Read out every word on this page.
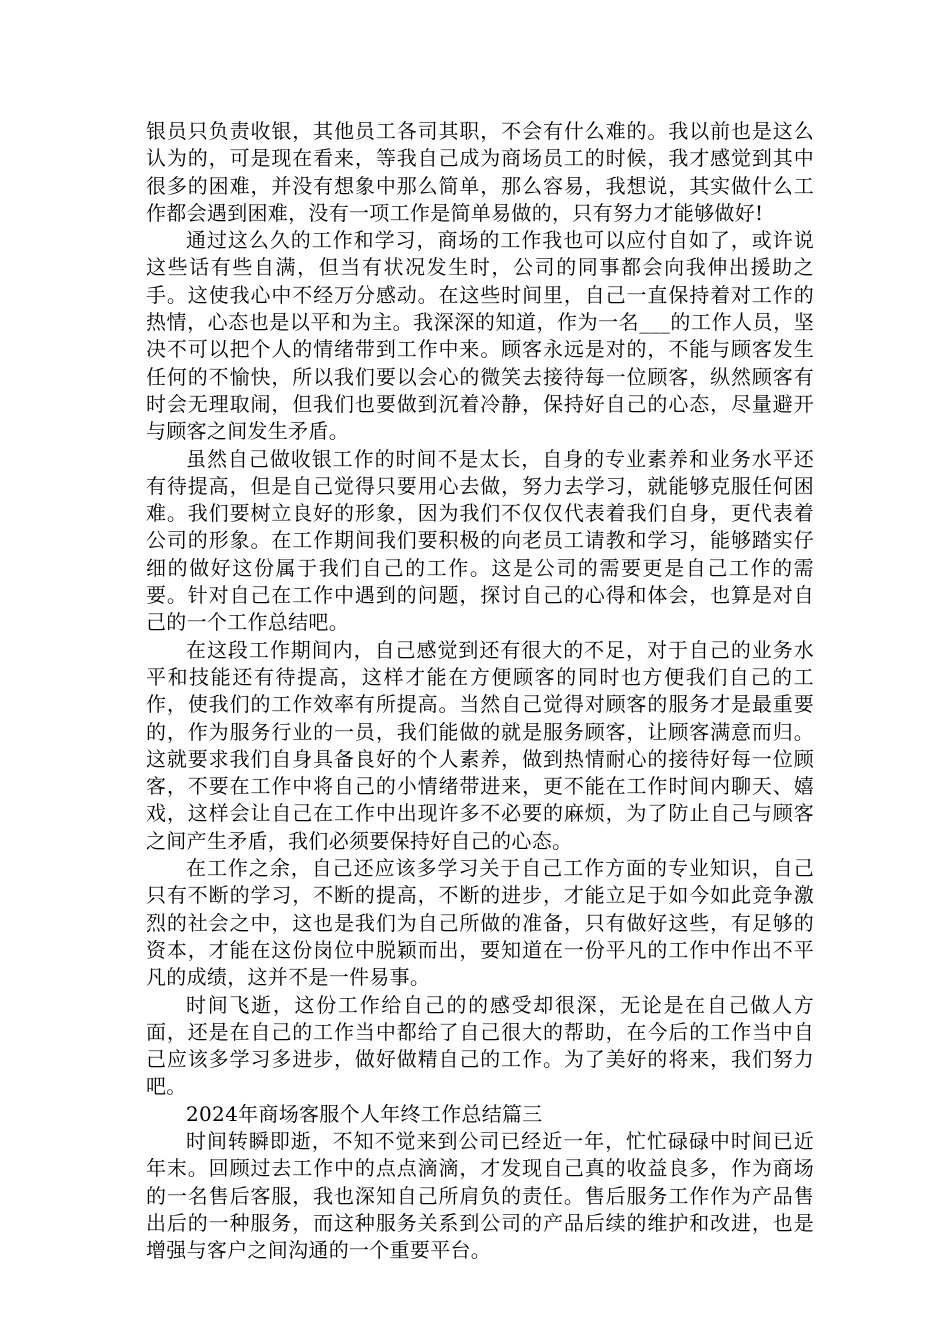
银员只负责收银，其他员工各司其职，不会有什么难的。我以前也是这么认为的，可是现在看来，等我自己成为商场员工的时候，我才感觉到其中很多的困难，并没有想象中那么简单，那么容易，我想说，其实做什么工作都会遇到困难，没有一项工作是简单易做的，只有努力才能够做好!

通过这么久的工作和学习，商场的工作我也可以应付自如了，或许说这些话有些自满，但当有状况发生时，公司的同事都会向我伸出援助之手。这使我心中不经万分感动。在这些时间里，自己一直保持着对工作的热情，心态也是以平和为主。我深深的知道，作为一名___的工作人员，坚决不可以把个人的情绪带到工作中来。顾客永远是对的，不能与顾客发生任何的不愉快，所以我们要以会心的微笑去接待每一位顾客，纵然顾客有时会无理取闹，但我们也要做到沉着冷静，保持好自己的心态，尽量避开与顾客之间发生矛盾。

虽然自己做收银工作的时间不是太长，自身的专业素养和业务水平还有待提高，但是自己觉得只要用心去做，努力去学习，就能够克服任何困难。我们要树立良好的形象，因为我们不仅仅代表着我们自身，更代表着公司的形象。在工作期间我们要积极的向老员工请教和学习，能够踏实仔细的做好这份属于我们自己的工作。这是公司的需要更是自己工作的需要。针对自己在工作中遇到的问题，探讨自己的心得和体会，也算是对自己的一个工作总结吧。

在这段工作期间内，自己感觉到还有很大的不足，对于自己的业务水平和技能还有待提高，这样才能在方便顾客的同时也方便我们自己的工作，使我们的工作效率有所提高。当然自己觉得对顾客的服务才是最重要的，作为服务行业的一员，我们能做的就是服务顾客，让顾客满意而归。这就要求我们自身具备良好的个人素养，做到热情耐心的接待好每一位顾客，不要在工作中将自己的小情绪带进来，更不能在工作时间内聊天、嬉戏，这样会让自己在工作中出现许多不必要的麻烦，为了防止自己与顾客之间产生矛盾，我们必须要保持好自己的心态。

在工作之余，自己还应该多学习关于自己工作方面的专业知识，自己只有不断的学习，不断的提高，不断的进步，才能立足于如今如此竞争激烈的社会之中，这也是我们为自己所做的准备，只有做好这些，有足够的资本，才能在这份岗位中脱颖而出，要知道在一份平凡的工作中作出不平凡的成绩，这并不是一件易事。

时间飞逝，这份工作给自己的的感受却很深，无论是在自己做人方面，还是在自己的工作当中都给了自己很大的帮助，在今后的工作当中自己应该多学习多进步，做好做精自己的工作。为了美好的将来，我们努力吧。

2024年商场客服个人年终工作总结篇三

时间转瞬即逝，不知不觉来到公司已经近一年，忙忙碌碌中时间已近年末。回顾过去工作中的点点滴滴，才发现自己真的收益良多，作为商场的一名售后客服，我也深知自己所肩负的责任。售后服务工作作为产品售出后的一种服务，而这种服务关系到公司的产品后续的维护和改进，也是增强与客户之间沟通的一个重要平台。
